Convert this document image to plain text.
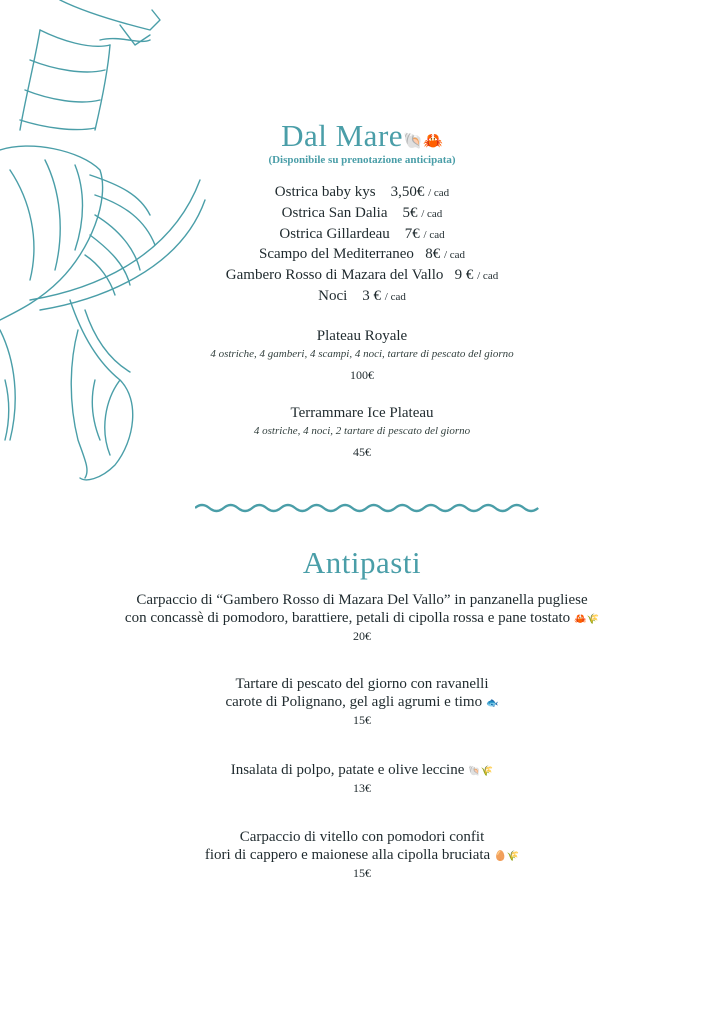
Dal Mare🐚🦀
(Disponibile su prenotazione anticipata)
Ostrica baby kys 3,50€ / cad
Ostrica San Dalia 5€ / cad
Ostrica Gillardeau 7€ / cad
Scampo del Mediterraneo 8€ / cad
Gambero Rosso di Mazara del Vallo 9 € / cad
Noci 3 € / cad
Plateau Royale
4 ostriche, 4 gamberi, 4 scampi, 4 noci, tartare di pescato del giorno
100€
Terrammare Ice Plateau
4 ostriche, 4 noci, 2 tartare di pescato del giorno
45€
Antipasti
Carpaccio di “Gambero Rosso di Mazara Del Vallo” in panzanella pugliese
con concassè di pomodoro, barattiere, petali di cipolla rossa e pane tostato 🦀🌾
20€
Tartare di pescato del giorno con ravanelli
carote di Polignano, gel agli agrumi e timo 🐟
15€
Insalata di polpo, patate e olive leccine 🐚🌾
13€
Carpaccio di vitello con pomodori confit
fiori di cappero e maionese alla cipolla bruciata 🥚🌾
15€
